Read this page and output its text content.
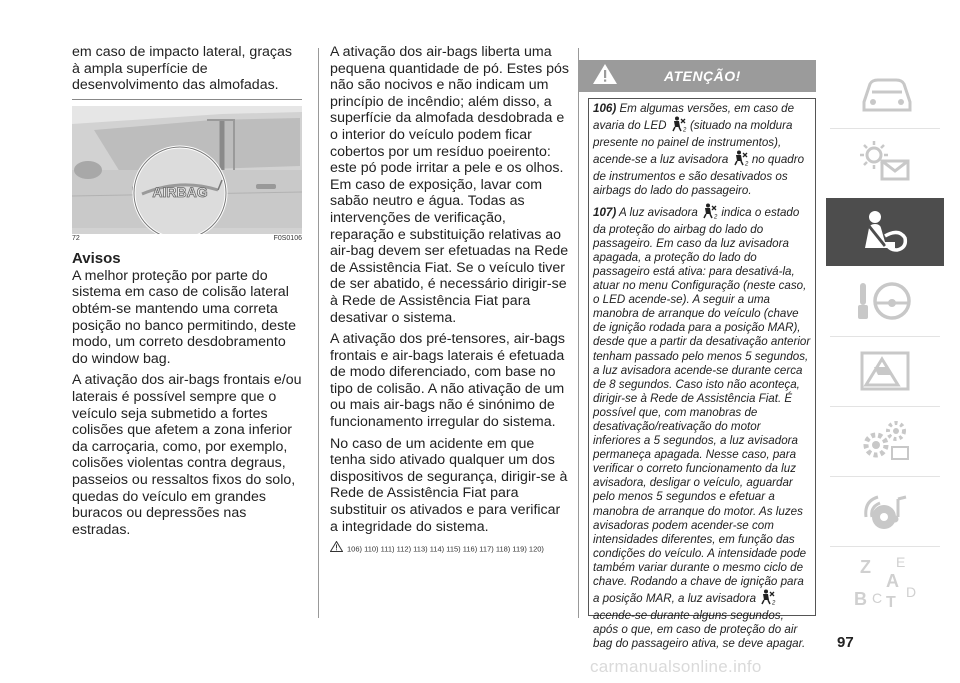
em caso de impacto lateral, graças à ampla superfície de desenvolvimento das almofadas.

AIRBAG
72	F0S0106
Avisos

A melhor proteção por parte do sistema em caso de colisão lateral obtém-se mantendo uma correta posição no banco permitindo, deste modo, um correto desdobramento do window bag.

A ativação dos air-bags frontais e/ou laterais é possível sempre que o veículo seja submetido a fortes colisões que afetem a zona inferior da carroçaria, como, por exemplo, colisões violentas contra degraus, passeios ou ressaltos fixos do solo, quedas do veículo em grandes buracos ou depressões nas estradas.

A ativação dos air-bags liberta uma pequena quantidade de pó. Estes pós não são nocivos e não indicam um princípio de incêndio; além disso, a superfície da almofada desdobrada e o interior do veículo podem ficar cobertos por um resíduo poeirento: este pó pode irritar a pele e os olhos. Em caso de exposição, lavar com sabão neutro e água. Todas as intervenções de verificação, reparação e substituição relativas ao air-bag devem ser efetuadas na Rede de Assistência Fiat. Se o veículo tiver de ser abatido, é necessário dirigir-se à Rede de Assistência Fiat para desativar o sistema.

A ativação dos pré-tensores, air-bags frontais e air-bags laterais é efetuada de modo diferenciado, com base no tipo de colisão. A não ativação de um ou mais air-bags não é sinónimo de funcionamento irregular do sistema.

No caso de um acidente em que tenha sido ativado qualquer um dos dispositivos de segurança, dirigir-se à Rede de Assistência Fiat para substituir os ativados e para verificar a integridade do sistema.

106) 110) 111) 112) 113) 114) 115) 116) 117) 118) 119) 120)
ATENÇÃO!

106) Em algumas versões, em caso de avaria do LED	2 (situado na moldura presente no painel de instrumentos), acende-se a luz avisadora	2 no quadro de instrumentos e são desativados os airbags do lado do passageiro.

107) A luz avisadora	2 indica o estado da proteção do airbag do lado do passageiro. Em caso da luz avisadora apagada, a proteção do lado do passageiro está ativa: para desativá-la, atuar no menu Configuração (neste caso, o LED acende-se). A seguir a uma manobra de arranque do veículo (chave de ignição rodada para a posição MAR), desde que a partir da desativação anterior tenham passado pelo menos 5 segundos, a luz avisadora acende-se durante cerca de 8 segundos. Caso isto não aconteça, dirigir-se à Rede de Assistência Fiat. É possível que, com manobras de desativação/reativação do motor inferiores a 5 segundos, a luz avisadora permaneça apagada. Nesse caso, para verificar o correto funcionamento da luz avisadora, desligar o veículo, aguardar pelo menos 5 segundos e efetuar a manobra de arranque do motor. As luzes avisadoras podem acender-se com intensidades diferentes, em função das condições do veículo. A intensidade pode também variar durante o mesmo ciclo de chave. Rodando a chave de ignição para a posição MAR, a luz avisadora	2
acende-se durante alguns segundos, após o que, em caso de proteção do air bag do passageiro ativa, se deve apagar.

Z E
A
B C T
D
97
carmanualsonline.info
